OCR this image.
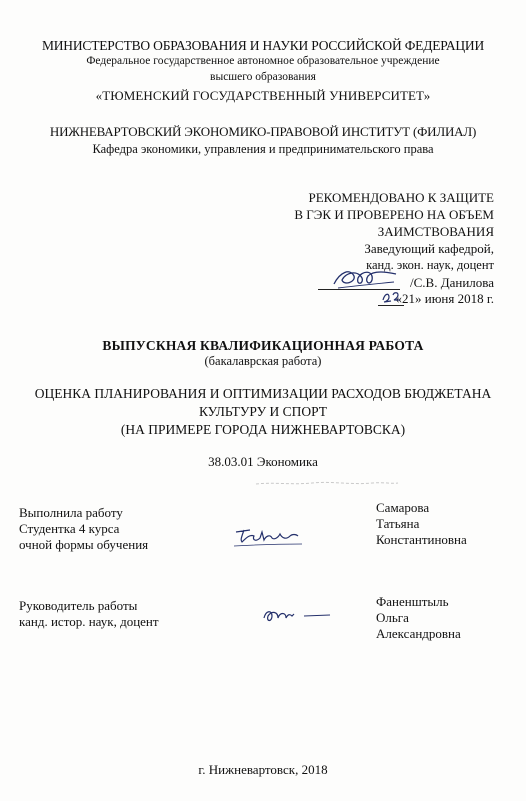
МИНИСТЕРСТВО ОБРАЗОВАНИЯ И НАУКИ РОССИЙСКОЙ ФЕДЕРАЦИИ
Федеральное государственное автономное образовательное учреждение
высшего образования
«ТЮМЕНСКИЙ ГОСУДАРСТВЕННЫЙ УНИВЕРСИТЕТ»
НИЖНЕВАРТОВСКИЙ ЭКОНОМИКО-ПРАВОВОЙ ИНСТИТУТ (ФИЛИАЛ)
Кафедра экономики, управления и предпринимательского права
РЕКОМЕНДОВАНО К ЗАЩИТЕ
В ГЭК И ПРОВЕРЕНО НА ОБЪЕМ
ЗАИМСТВОВАНИЯ
Заведующий кафедрой,
канд. экон. наук, доцент
/С.В. Данилова
«21» июня 2018 г.
ВЫПУСКНАЯ КВАЛИФИКАЦИОННАЯ РАБОТА
(бакалаврская работа)
ОЦЕНКА ПЛАНИРОВАНИЯ И ОПТИМИЗАЦИИ РАСХОДОВ БЮДЖЕТАНА
КУЛЬТУРУ И СПОРТ
(НА ПРИМЕРЕ ГОРОДА НИЖНЕВАРТОВСКА)
38.03.01 Экономика
Выполнила работу
Студентка 4 курса
очной формы обучения
Самарова
Татьяна
Константиновна
Руководитель работы
канд. истор. наук, доцент
Фаненштыль
Ольга
Александровна
г. Нижневартовск, 2018
